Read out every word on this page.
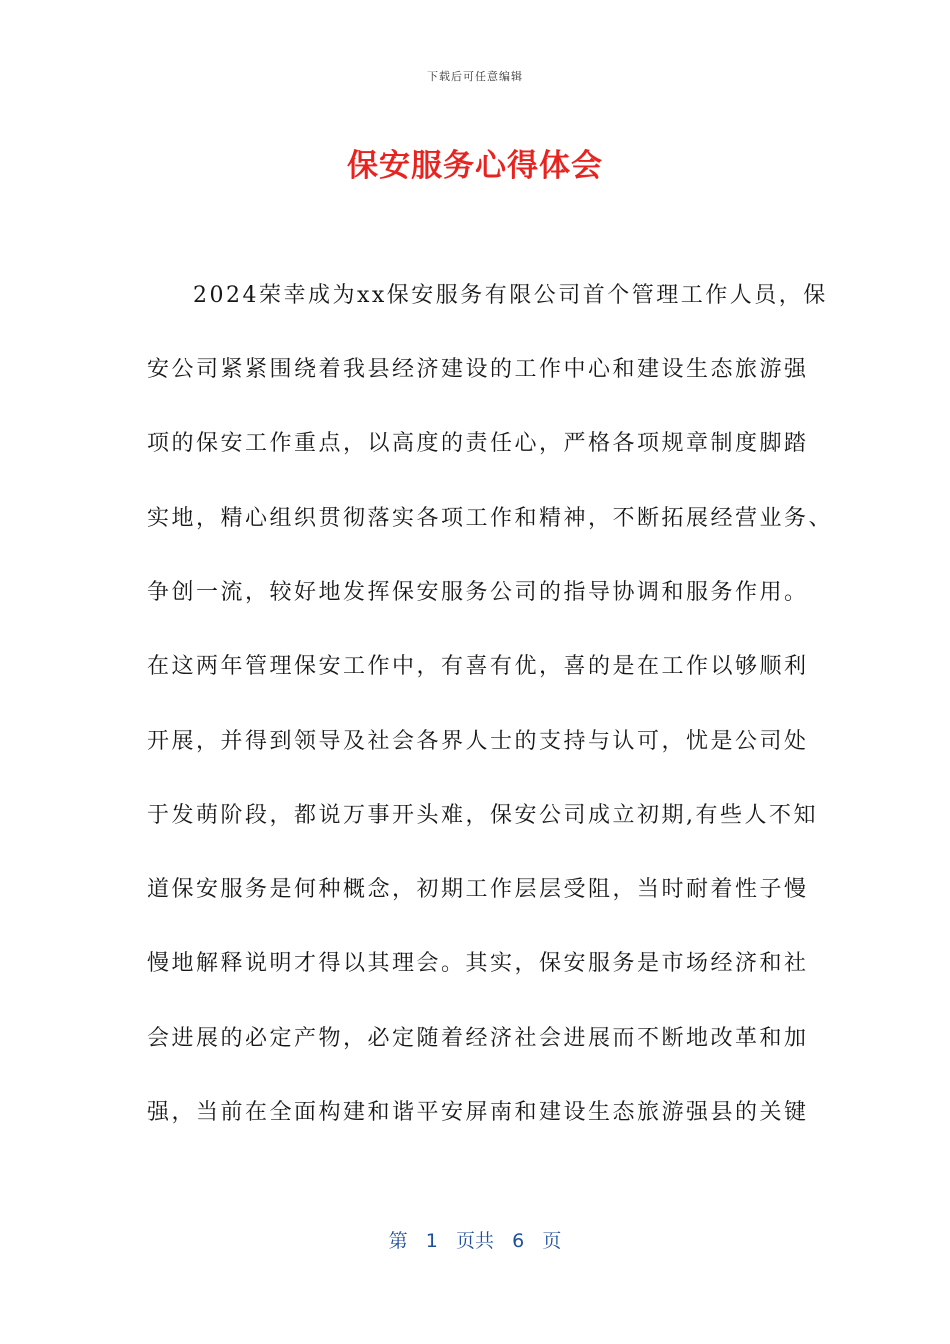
下载后可任意编辑
保安服务心得体会
2024荣幸成为xx保安服务有限公司首个管理工作人员，保
安公司紧紧围绕着我县经济建设的工作中心和建设生态旅游强
项的保安工作重点，以高度的责任心，严格各项规章制度脚踏
实地，精心组织贯彻落实各项工作和精神，不断拓展经营业务、
争创一流，较好地发挥保安服务公司的指导协调和服务作用。
在这两年管理保安工作中，有喜有优，喜的是在工作以够顺利
开展，并得到领导及社会各界人士的支持与认可，忧是公司处
于发萌阶段，都说万事开头难，保安公司成立初期,有些人不知
道保安服务是何种概念，初期工作层层受阻，当时耐着性子慢
慢地解释说明才得以其理会。其实，保安服务是市场经济和社
会进展的必定产物，必定随着经济社会进展而不断地改革和加
强，当前在全面构建和谐平安屏南和建设生态旅游强县的关键
第 1 页共 6 页
